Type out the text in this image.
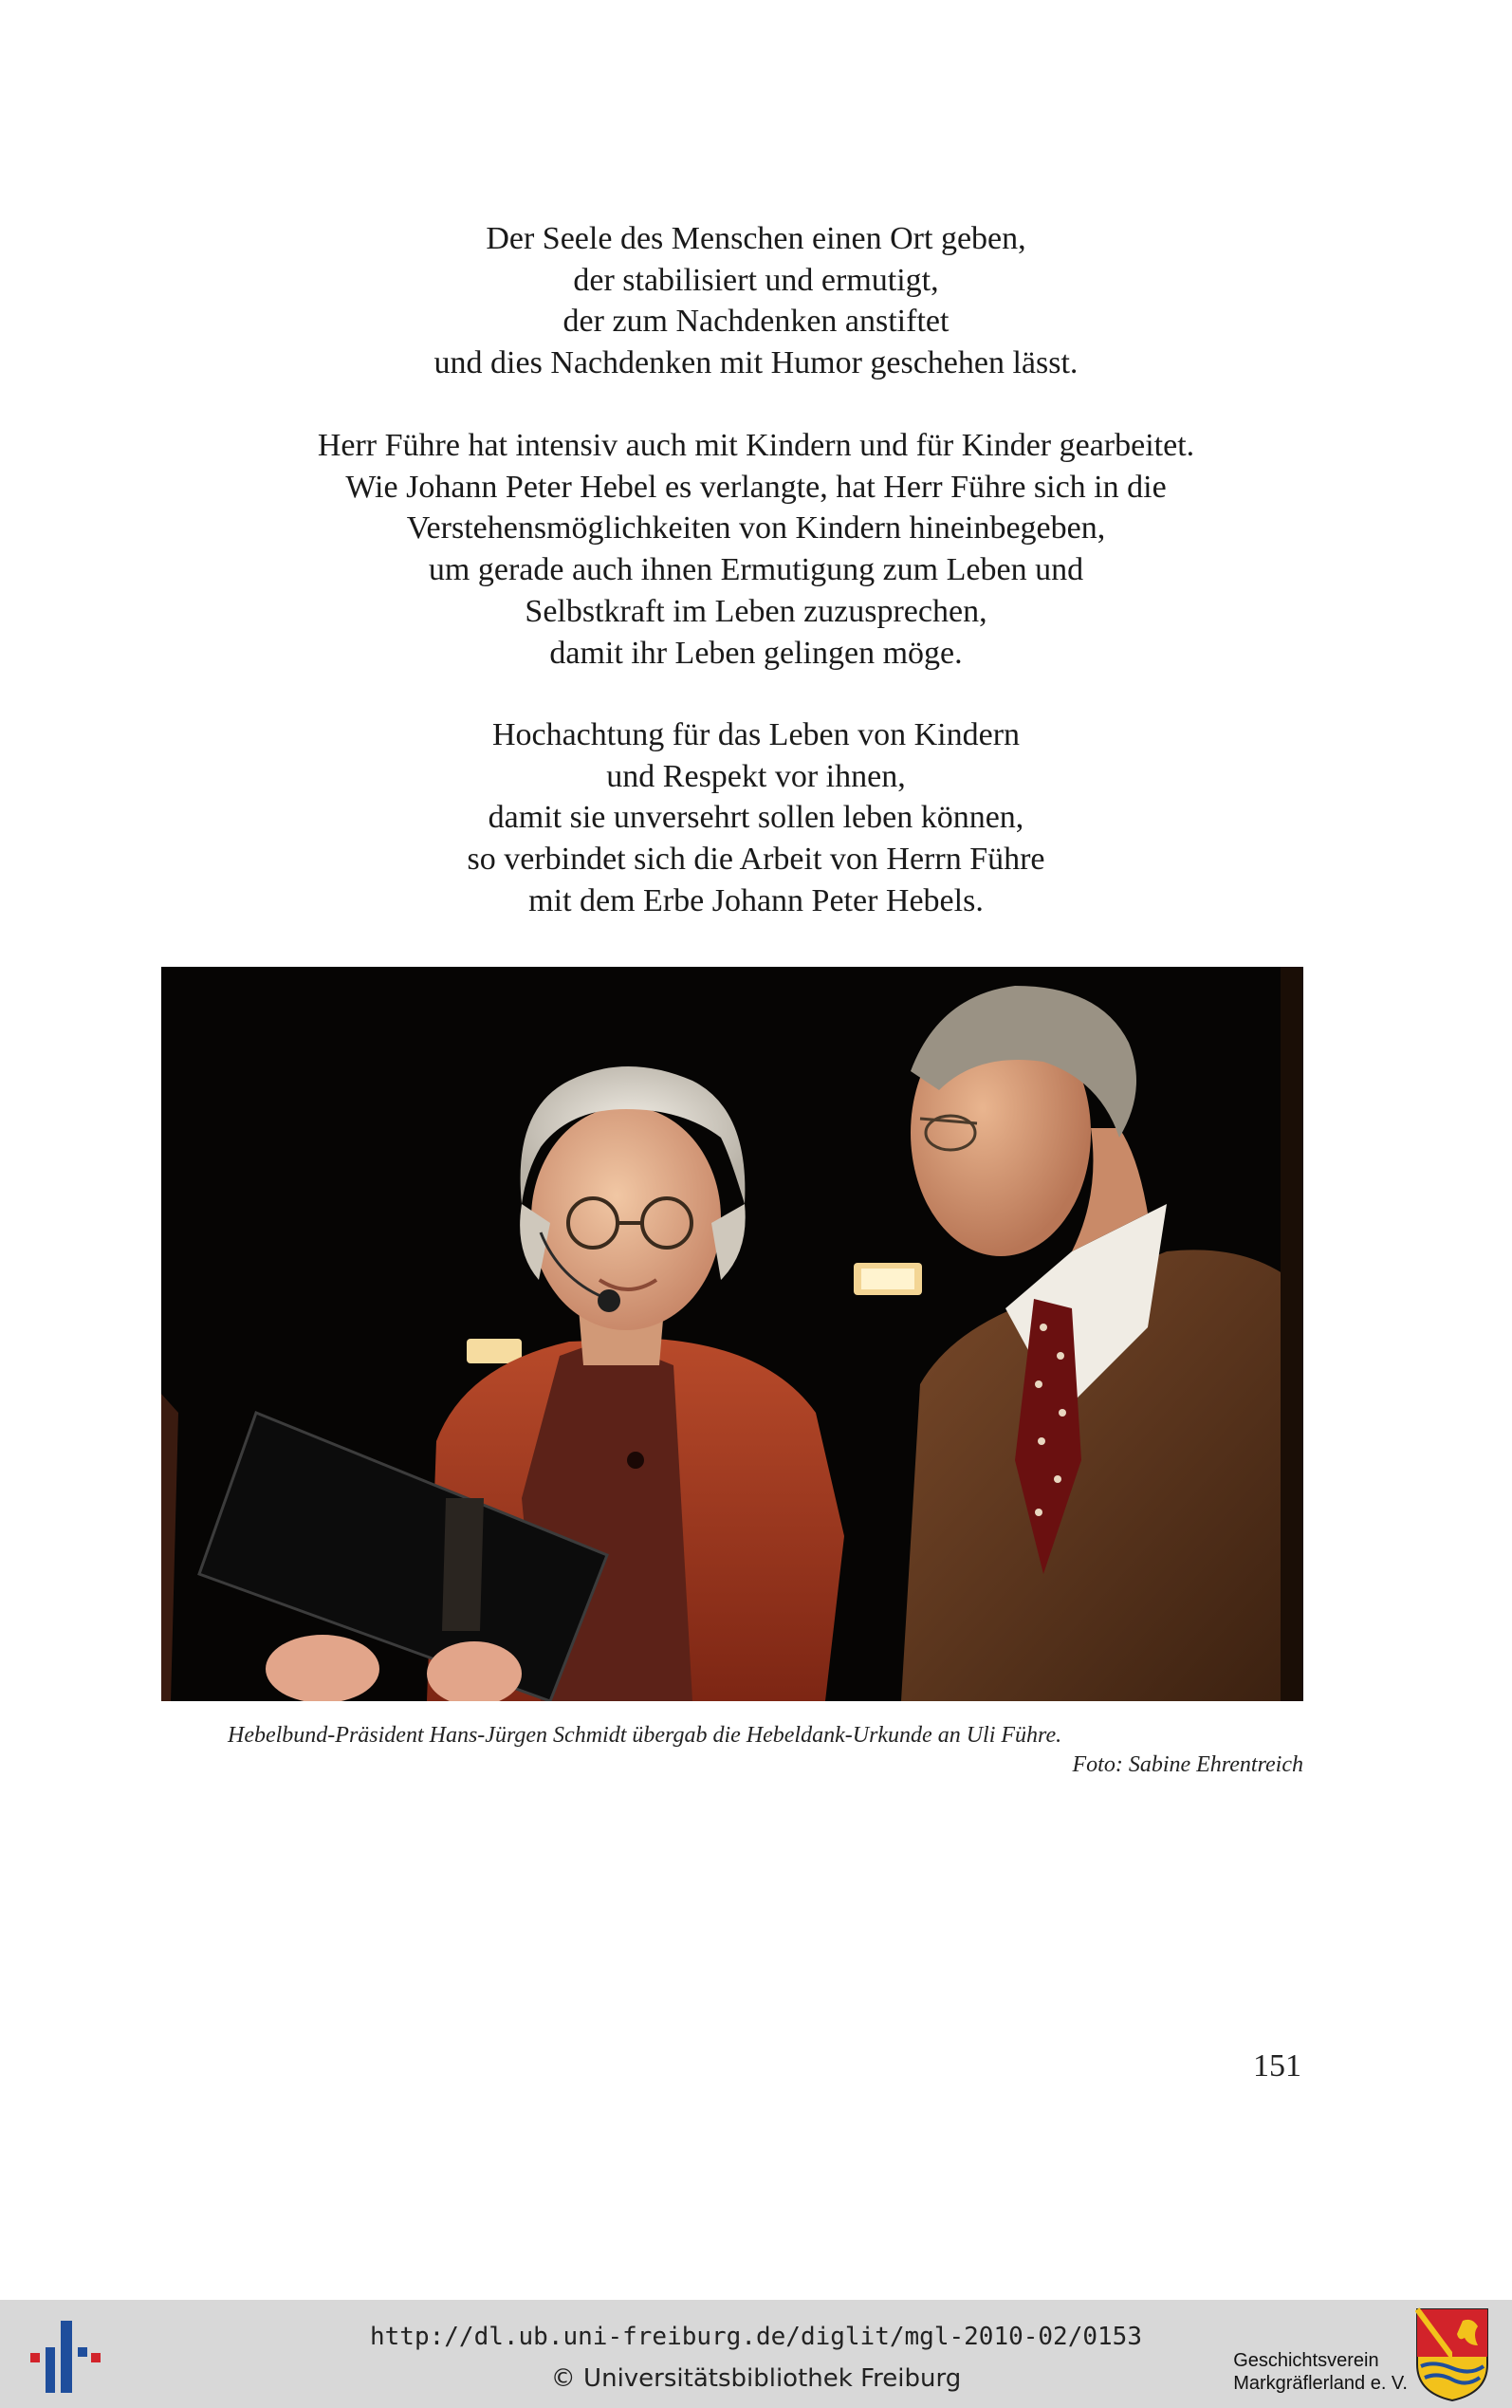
Der Seele des Menschen einen Ort geben,
der stabilisiert und ermutigt,
der zum Nachdenken anstiftet
und dies Nachdenken mit Humor geschehen lässt.
Herr Führe hat intensiv auch mit Kindern und für Kinder gearbeitet.
Wie Johann Peter Hebel es verlangte, hat Herr Führe sich in die
Verstehensmöglichkeiten von Kindern hineinbegeben,
um gerade auch ihnen Ermutigung zum Leben und
Selbstkraft im Leben zuzusprechen,
damit ihr Leben gelingen möge.
Hochachtung für das Leben von Kindern
und Respekt vor ihnen,
damit sie unversehrt sollen leben können,
so verbindet sich die Arbeit von Herrn Führe
mit dem Erbe Johann Peter Hebels.
Hebelbund-Präsident Hans-Jürgen Schmidt übergab die Hebeldank-Urkunde an Uli Führe.
Foto: Sabine Ehrentreich
151
http://dl.ub.uni-freiburg.de/diglit/mgl-2010-02/0153
© Universitätsbibliothek Freiburg
Geschichtsverein
Markgräflerland e. V.
